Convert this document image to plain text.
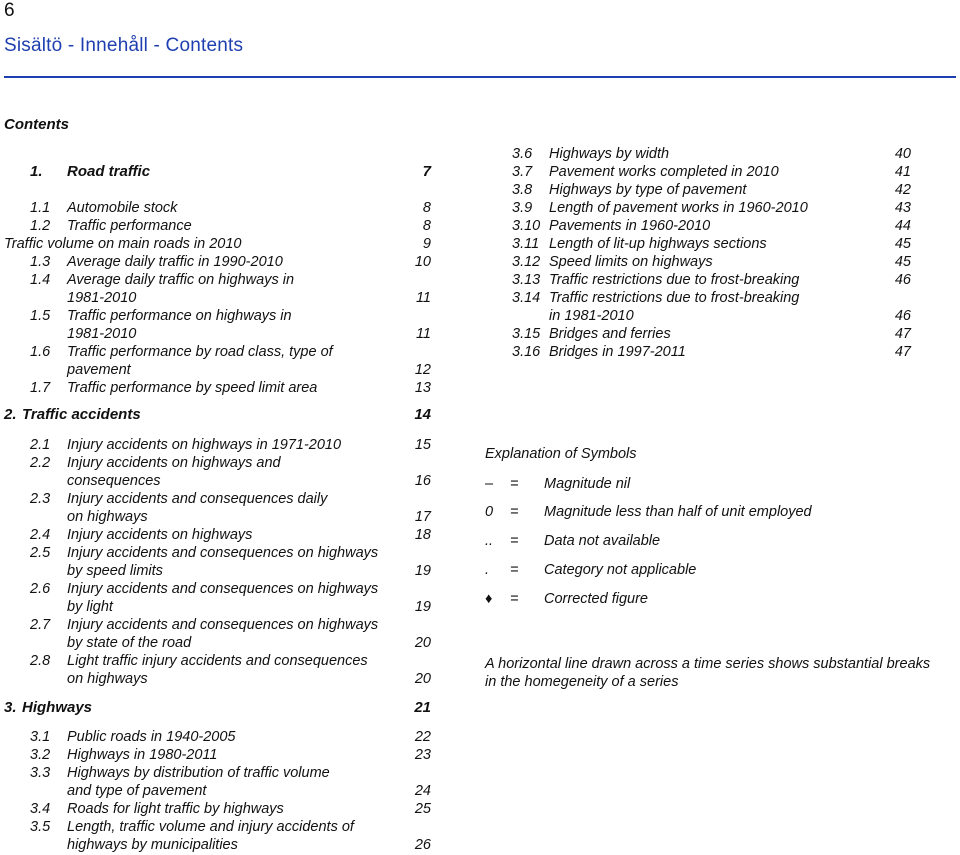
6
Sisältö - Innehåll - Contents
Contents
1. Road traffic	7
1.1 Automobile stock	8
1.2 Traffic performance	8
Traffic volume on main roads in 2010	9
1.3 Average daily traffic in 1990-2010	10
1.4 Average daily traffic on highways in
1981-2010	11
1.5 Traffic performance on highways in
1981-2010	11
1.6 Traffic performance by road class, type of
pavement	12
1.7 Traffic performance by speed limit area	13
2. Traffic accidents	14
2.1 Injury accidents on highways in 1971-2010	15
2.2 Injury accidents on highways and
consequences	16
2.3 Injury accidents and consequences daily
on highways	17
2.4 Injury accidents on highways	18
2.5 Injury accidents and consequences on highways
by speed limits	19
2.6 Injury accidents and consequences on highways
by light	19
2.7 Injury accidents and consequences on highways
by state of the road	20
2.8 Light traffic injury accidents and consequences
on highways	20
3. Highways	21
3.1 Public roads in 1940-2005	22
3.2 Highways in 1980-2011	23
3.3 Highways by distribution of traffic volume
and type of pavement	24
3.4 Roads for light traffic by highways	25
3.5 Length, traffic volume and injury accidents of
highways by municipalities	26
3.6 Highways by width	40
3.7 Pavement works completed in 2010	41
3.8 Highways by type of pavement	42
3.9 Length of pavement works in 1960-2010	43
3.10 Pavements in 1960-2010	44
3.11 Length of lit-up highways sections	45
3.12 Speed limits on highways	45
3.13 Traffic restrictions due to frost-breaking	46
3.14 Traffic restrictions due to frost-breaking
in 1981-2010	46
3.15 Bridges and ferries	47
3.16 Bridges in 1997-2011	47
Explanation of Symbols
–	= Magnitude nil
0	= Magnitude less than half of unit employed
..	= Data not available
.	= Category not applicable
♦	= Corrected figure
A horizontal line drawn across a time series shows substantial breaks in the homegeneity of a series
